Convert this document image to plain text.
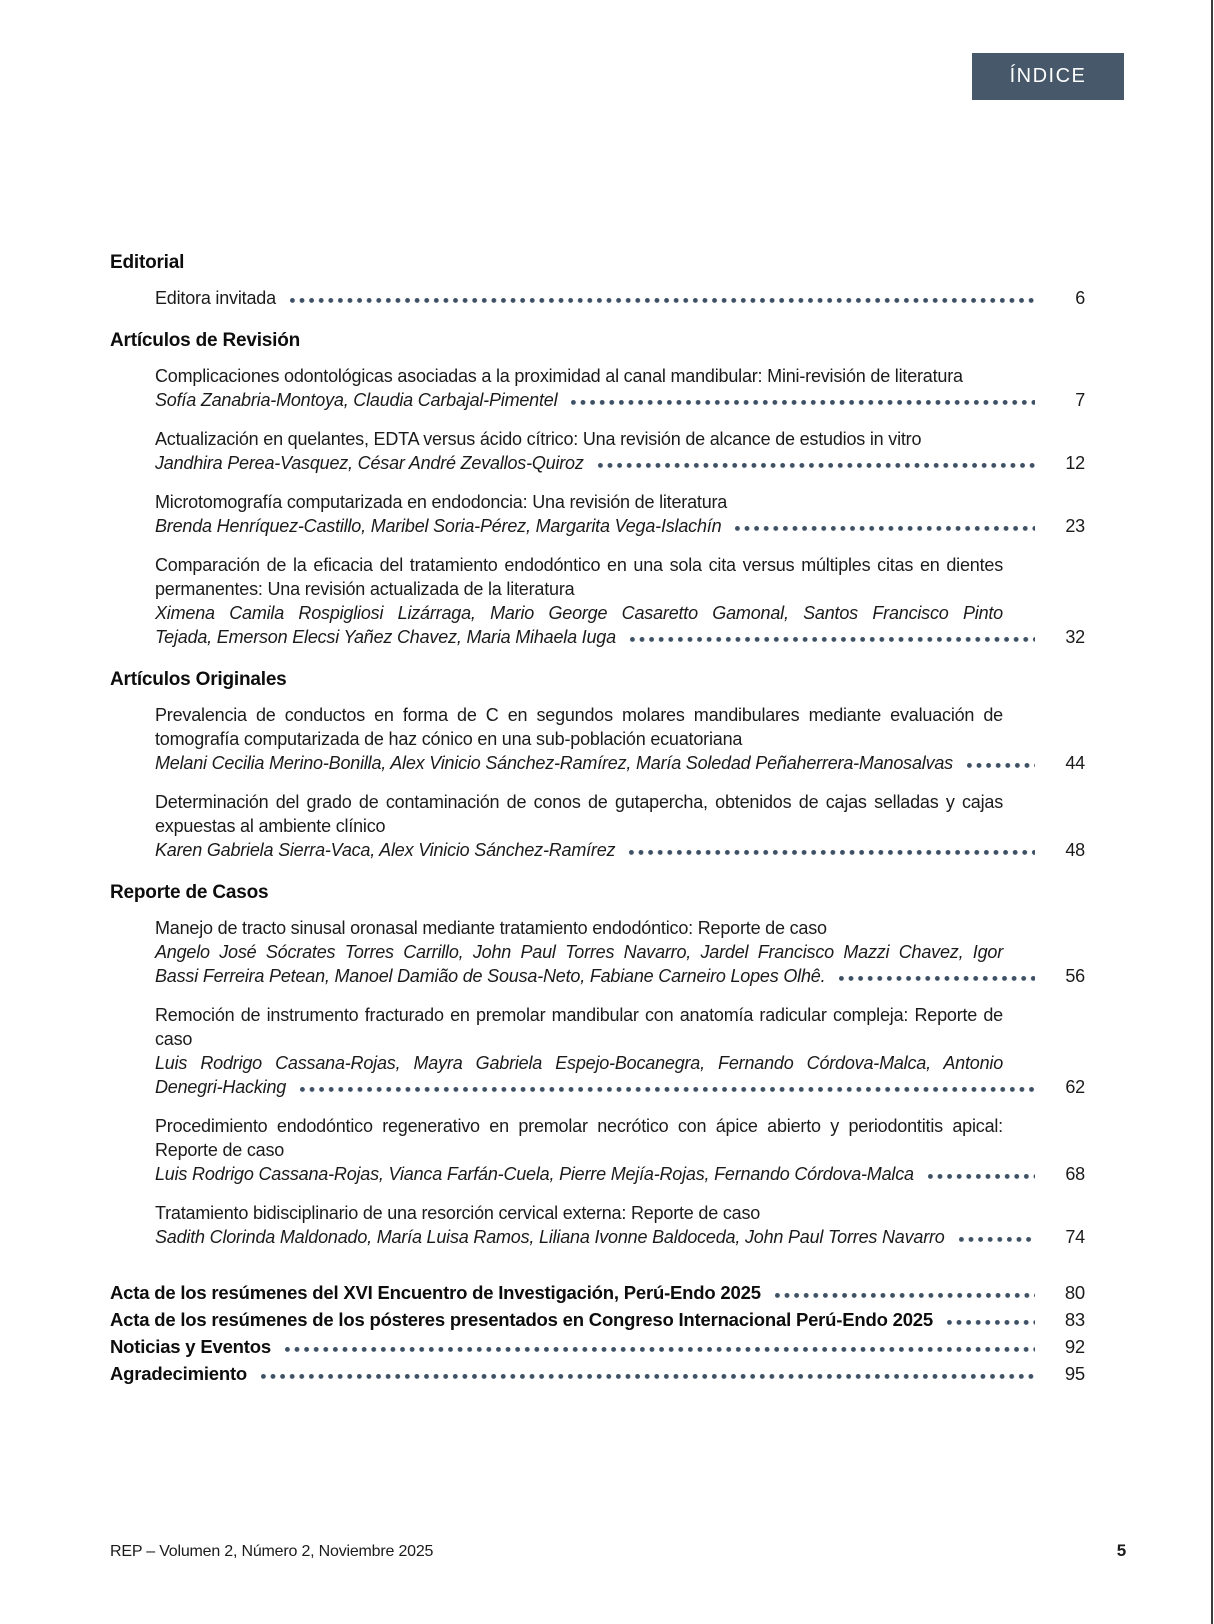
ÍNDICE
Editorial
Editora invitada	6
Artículos de Revisión
Complicaciones odontológicas asociadas a la proximidad al canal mandibular: Mini-revisión de literatura
Sofía Zanabria-Montoya, Claudia Carbajal-Pimentel	7
Actualización en quelantes, EDTA versus ácido cítrico: Una revisión de alcance de estudios in vitro
Jandhira Perea-Vasquez, César André Zevallos-Quiroz	12
Microtomografía computarizada en endodoncia: Una revisión de literatura
Brenda Henríquez-Castillo, Maribel Soria-Pérez, Margarita Vega-Islachín	23
Comparación de la eficacia del tratamiento endodóntico en una sola cita versus múltiples citas en dientes permanentes: Una revisión actualizada de la literatura
Ximena Camila Rospigliosi Lizárraga, Mario George Casaretto Gamonal, Santos Francisco Pinto
Tejada, Emerson Elecsi Yañez Chavez, Maria Mihaela Iuga	32
Artículos Originales
Prevalencia de conductos en forma de C en segundos molares mandibulares mediante evaluación de tomografía computarizada de haz cónico en una sub-población ecuatoriana
Melani Cecilia Merino-Bonilla, Alex Vinicio Sánchez-Ramírez, María Soledad Peñaherrera-Manosalvas	44
Determinación del grado de contaminación de conos de gutapercha, obtenidos de cajas selladas y cajas expuestas al ambiente clínico
Karen Gabriela Sierra-Vaca, Alex Vinicio Sánchez-Ramírez	48
Reporte de Casos
Manejo de tracto sinusal oronasal mediante tratamiento endodóntico: Reporte de caso
Angelo José Sócrates Torres Carrillo, John Paul Torres Navarro, Jardel Francisco Mazzi Chavez, Igor
Bassi Ferreira Petean, Manoel Damião de Sousa-Neto, Fabiane Carneiro Lopes Olhê.	56
Remoción de instrumento fracturado en premolar mandibular con anatomía radicular compleja: Reporte de caso
Luis Rodrigo Cassana-Rojas, Mayra Gabriela Espejo-Bocanegra, Fernando Córdova-Malca, Antonio
Denegri-Hacking	62
Procedimiento endodóntico regenerativo en premolar necrótico con ápice abierto y periodontitis apical: Reporte de caso
Luis Rodrigo Cassana-Rojas, Vianca Farfán-Cuela, Pierre Mejía-Rojas, Fernando Córdova-Malca	68
Tratamiento bidisciplinario de una resorción cervical externa: Reporte de caso
Sadith Clorinda Maldonado, María Luisa Ramos, Liliana Ivonne Baldoceda, John Paul Torres Navarro	74
Acta de los resúmenes del XVI Encuentro de Investigación, Perú-Endo 2025	80
Acta de los resúmenes de los pósteres presentados en Congreso Internacional Perú-Endo 2025	83
Noticias y Eventos	92
Agradecimiento	95
REP – Volumen 2, Número 2, Noviembre 2025	5
